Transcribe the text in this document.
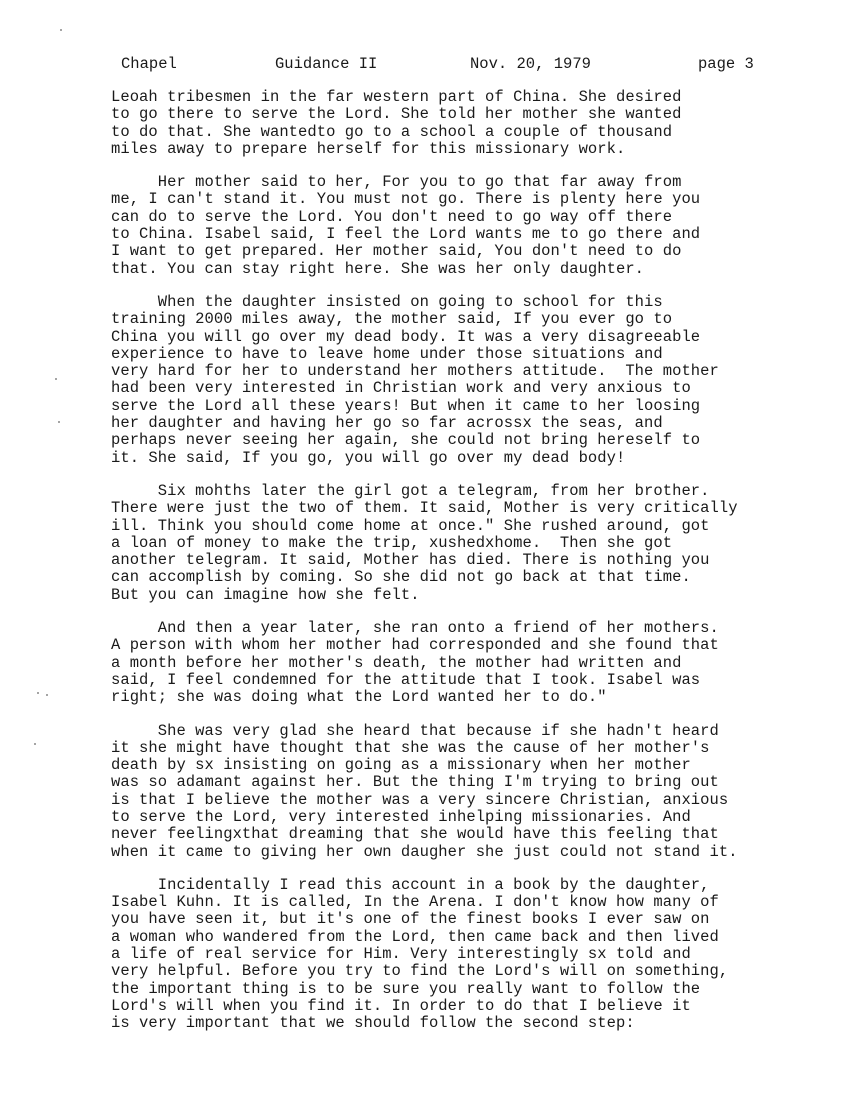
Chapel	Guidance II	Nov. 20, 1979	page 3
Leoah tribesmen in the far western part of China. She desired
to go there to serve the Lord. She told her mother she wanted
to do that. She wantedto go to a school a couple of thousand
miles away to prepare herself for this missionary work.
Her mother said to her, For you to go that far away from
me, I can't stand it. You must not go. There is plenty here you
can do to serve the Lord. You don't need to go way off there
to China. Isabel said, I feel the Lord wants me to go there and
I want to get prepared. Her mother said, You don't need to do
that. You can stay right here. She was her only daughter.
When the daughter insisted on going to school for this
training 2000 miles away, the mother said, If you ever go to
China you will go over my dead body. It was a very disagreeable
experience to have to leave home under those situations and
very hard for her to understand her mothers attitude.  The mother
had been very interested in Christian work and very anxious to
serve the Lord all these years! But when it came to her loosing
her daughter and having her go so far acrossx the seas, and
perhaps never seeing her again, she could not bring hereself to
it. She said, If you go, you will go over my dead body!
Six mohths later the girl got a telegram, from her brother.
There were just the two of them. It said, Mother is very critically
ill. Think you should come home at once." She rushed around, got
a loan of money to make the trip, xushedxhome.  Then she got
another telegram. It said, Mother has died. There is nothing you
can accomplish by coming. So she did not go back at that time.
But you can imagine how she felt.
And then a year later, she ran onto a friend of her mothers.
A person with whom her mother had corresponded and she found that
a month before her mother's death, the mother had written and
said, I feel condemned for the attitude that I took. Isabel was
right; she was doing what the Lord wanted her to do."
She was very glad she heard that because if she hadn't heard
it she might have thought that she was the cause of her mother's
death by sx insisting on going as a missionary when her mother
was so adamant against her. But the thing I'm trying to bring out
is that I believe the mother was a very sincere Christian, anxious
to serve the Lord, very interested inhelping missionaries. And
never feelingxthat dreaming that she would have this feeling that
when it came to giving her own daugher she just could not stand it.
Incidentally I read this account in a book by the daughter,
Isabel Kuhn. It is called, In the Arena. I don't know how many of
you have seen it, but it's one of the finest books I ever saw on
a woman who wandered from the Lord, then came back and then lived
a life of real service for Him. Very interestingly sx told and
very helpful. Before you try to find the Lord's will on something,
the important thing is to be sure you really want to follow the
Lord's will when you find it. In order to do that I believe it
is very important that we should follow the second step:
